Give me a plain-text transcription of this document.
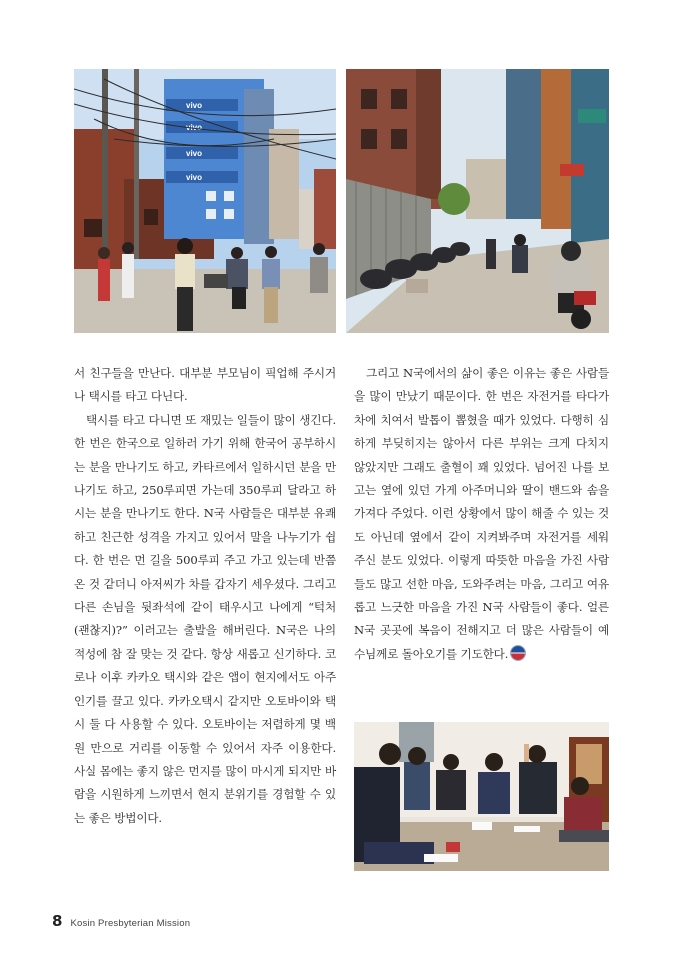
vivo
vivo
vivo
vivo

서 친구들을 만난다. 대부분 부모님이 픽업해 주시거나 택시를 타고 다닌다.

택시를 타고 다니면 또 재밌는 일들이 많이 생긴다. 한 번은 한국으로 일하러 가기 위해 한국어 공부하시는 분을 만나기도 하고, 카타르에서 일하시던 분을 만나기도 하고, 250루피면 가는데 350루피 달라고 하시는 분을 만나기도 한다. N국 사람들은 대부분 유쾌하고 친근한 성격을 가지고 있어서 말을 나누기가 쉽다. 한 번은 먼 길을 500루피 주고 가고 있는데 반쯤 온 것 같더니 아저씨가 차를 갑자기 세우셨다. 그리고 다른 손님을 뒷좌석에 같이 태우시고 나에게 “턱처(괜찮지)?” 이러고는 출발을 해버린다. N국은 나의 적성에 참 잘 맞는 것 같다. 항상 새롭고 신기하다. 코로나 이후 카카오 택시와 같은 앱이 현지에서도 아주 인기를 끌고 있다. 카카오택시 같지만 오토바이와 택시 둘 다 사용할 수 있다. 오토바이는 저렴하게 몇 백원 만으로 거리를 이동할 수 있어서 자주 이용한다. 사실 몸에는 좋지 않은 먼지를 많이 마시게 되지만 바람을 시원하게 느끼면서 현지 분위기를 경험할 수 있는 좋은 방법이다.

그리고 N국에서의 삶이 좋은 이유는 좋은 사람들을 많이 만났기 때문이다. 한 번은 자전거를 타다가 차에 치여서 발톱이 뽑혔을 때가 있었다. 다행히 심하게 부딪히지는 않아서 다른 부위는 크게 다치지 않았지만 그래도 출혈이 꽤 있었다. 넘어진 나를 보고는 옆에 있던 가게 아주머니와 딸이 밴드와 솜을 가져다 주었다. 이런 상황에서 많이 해줄 수 있는 것도 아닌데 옆에서 같이 지켜봐주며 자전거를 세워 주신 분도 있었다. 이렇게 따뜻한 마음을 가진 사람들도 많고 선한 마음, 도와주려는 마음, 그리고 여유롭고 느긋한 마음을 가진 N국 사람들이 좋다. 얼른 N국 곳곳에 복음이 전해지고 더 많은 사람들이 예수님께로 돌아오기를 기도한다.

8 Kosin Presbyterian Mission
